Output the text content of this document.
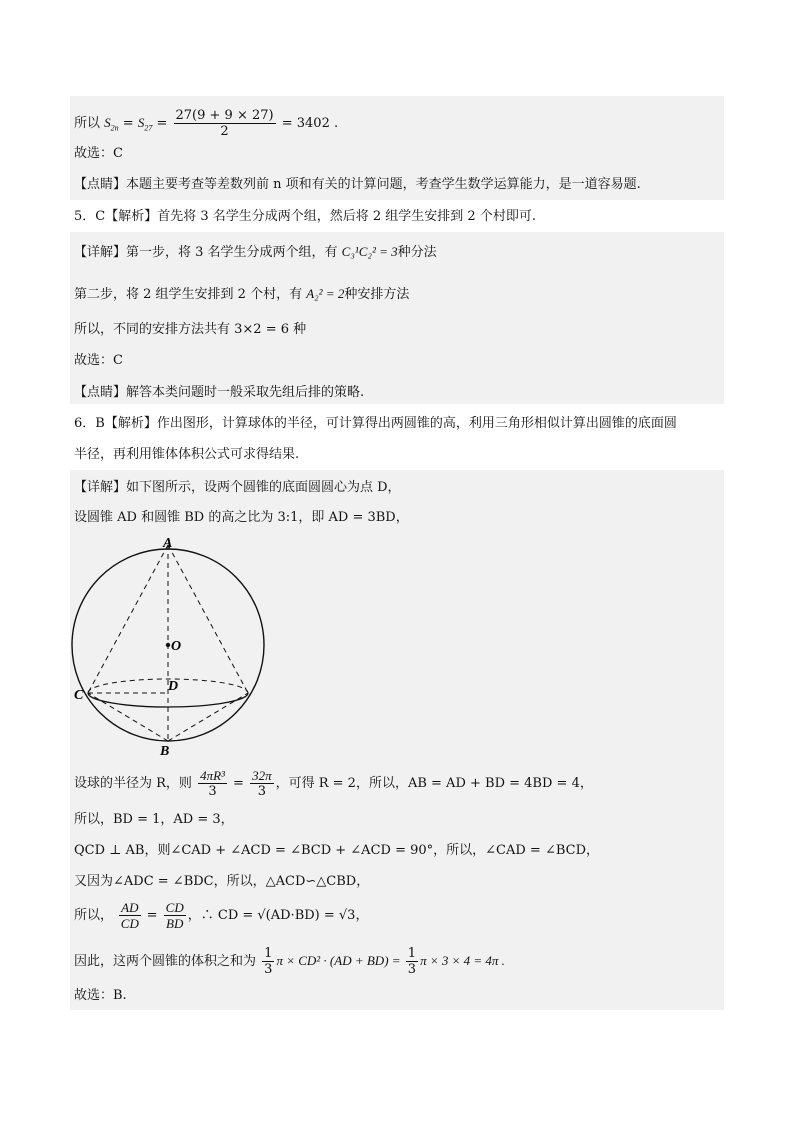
所以 $S_{2n} = S_{27} = \frac{27(9 + 9 \times 27)}{2} = 3402$ .
故选：C
【点睛】本题主要考查等差数列前 n 项和有关的计算问题，考查学生数学运算能力，是一道容易题.
5．C【解析】首先将 3 名学生分成两个组，然后将 2 组学生安排到 2 个村即可.
【详解】第一步，将 3 名学生分成两个组，有 C₃¹C₂² = 3种分法
第二步，将 2 组学生安排到 2 个村，有 A₂² = 2种安排方法
所以，不同的安排方法共有 3×2 = 6 种
故选：C
【点睛】解答本类问题时一般采取先组后排的策略.
6．B【解析】作出图形，计算球体的半径，可计算得出两圆锥的高，利用三角形相似计算出圆锥的底面圆
半径，再利用锥体体积公式可求得结果.
【详解】如下图所示，设两个圆锥的底面圆圆心为点 D，
设圆锥 AD 和圆锥 BD 的高之比为 3:1，即 AD = 3BD，
A
O
D
C
B
设球的半径为 R，则 $\frac{\text{4πR³}}{3} = \frac{32\pi}{3}$ ，可得 R = 2，所以，AB = AD + BD = 4BD = 4，
所以，BD = 1，AD = 3，
QCD ⊥ AB，则∠CAD + ∠ACD = ∠BCD + ∠ACD = 90°，所以，∠CAD = ∠BCD，
又因为∠ADC = ∠BDC，所以，△ACD∽△CBD，
所以， $\frac{AD}{CD} = \frac{CD}{BD}$ ，∴ CD = √(AD·BD) = √3，
因此，这两个圆锥的体积之和为 $\frac{1}{3}$ $\pi \times CD^2 \cdot (AD + BD) = \frac{1}{3}$ π × 3 × 4 = 4π .
故选：B.
